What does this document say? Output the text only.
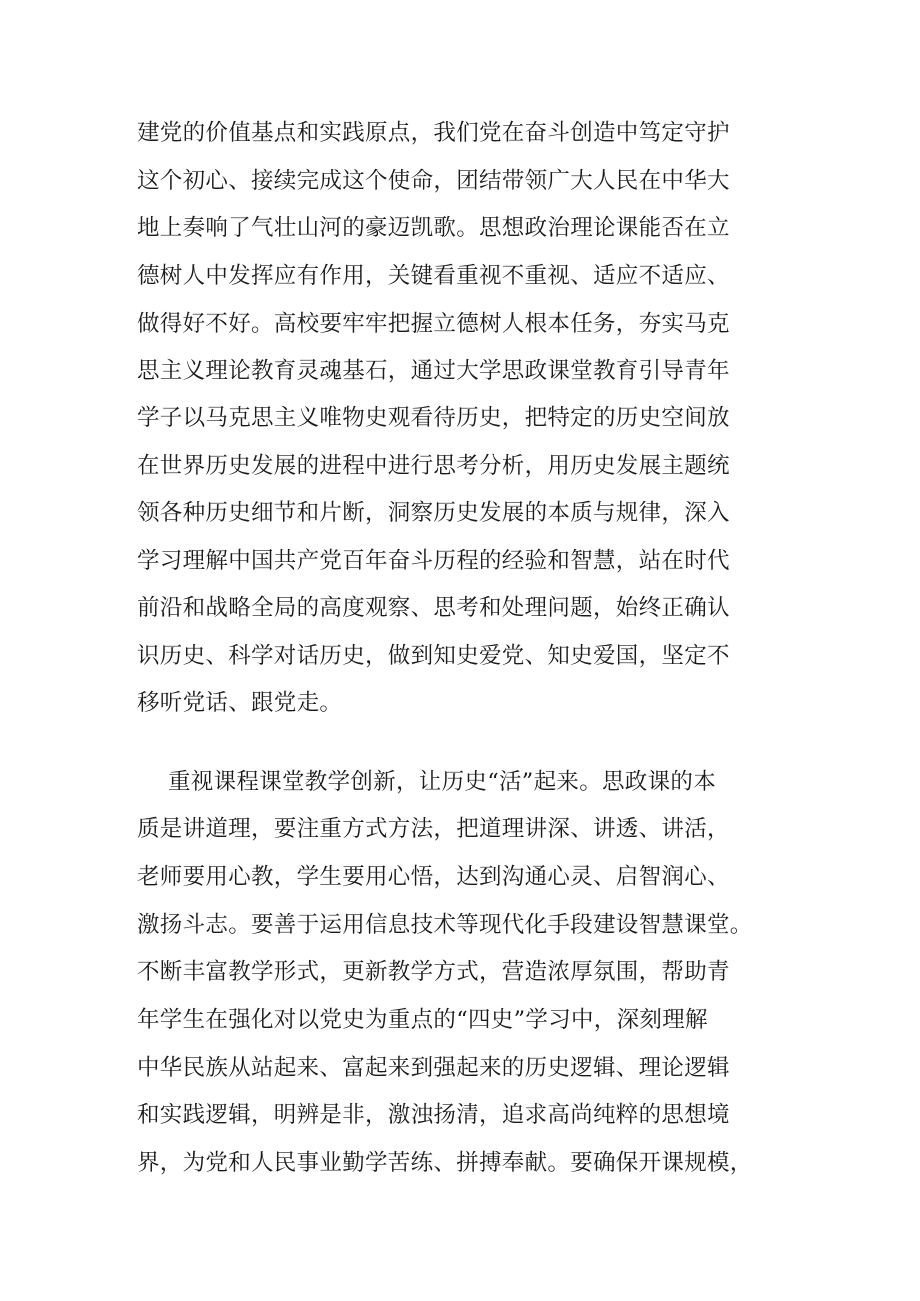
建党的价值基点和实践原点，我们党在奋斗创造中笃定守护
这个初心、接续完成这个使命，团结带领广大人民在中华大
地上奏响了气壮山河的豪迈凯歌。思想政治理论课能否在立
德树人中发挥应有作用，关键看重视不重视、适应不适应、
做得好不好。高校要牢牢把握立德树人根本任务，夯实马克
思主义理论教育灵魂基石，通过大学思政课堂教育引导青年
学子以马克思主义唯物史观看待历史，把特定的历史空间放
在世界历史发展的进程中进行思考分析，用历史发展主题统
领各种历史细节和片断，洞察历史发展的本质与规律，深入
学习理解中国共产党百年奋斗历程的经验和智慧，站在时代
前沿和战略全局的高度观察、思考和处理问题，始终正确认
识历史、科学对话历史，做到知史爱党、知史爱国，坚定不
移听党话、跟党走。
重视课程课堂教学创新，让历史“活”起来。思政课的本
质是讲道理，要注重方式方法，把道理讲深、讲透、讲活，
老师要用心教，学生要用心悟，达到沟通心灵、启智润心、
激扬斗志。要善于运用信息技术等现代化手段建设智慧课堂。
不断丰富教学形式，更新教学方式，营造浓厚氛围，帮助青
年学生在强化对以党史为重点的“四史”学习中，深刻理解
中华民族从站起来、富起来到强起来的历史逻辑、理论逻辑
和实践逻辑，明辨是非，激浊扬清，追求高尚纯粹的思想境
界，为党和人民事业勤学苦练、拼搏奉献。要确保开课规模，
